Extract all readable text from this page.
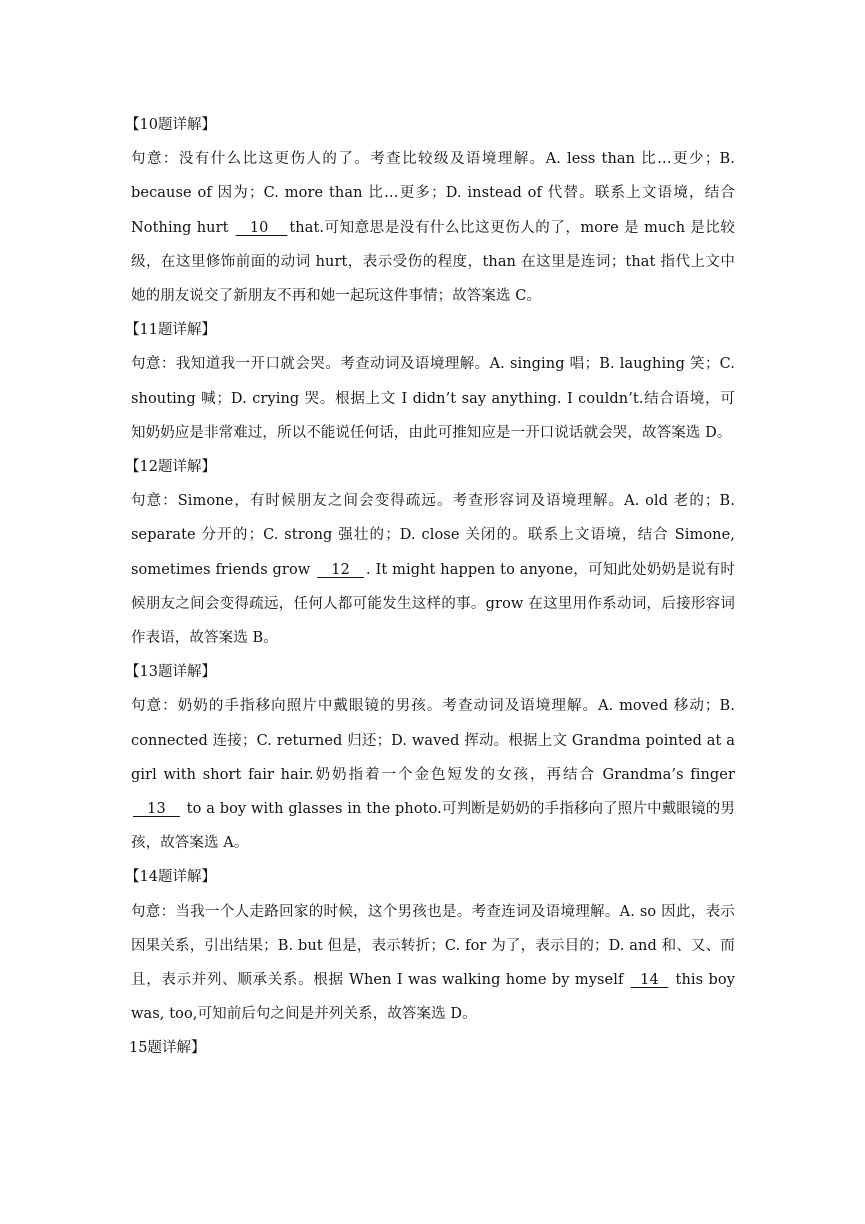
【10题详解】
句意：没有什么比这更伤人的了。考查比较级及语境理解。A. less than 比…更少；B. because of 因为；C. more than 比…更多；D. instead of 代替。联系上文语境，结合 Nothing hurt    10    that.可知意思是没有什么比这更伤人的了，more 是 much 是比较级，在这里修饰前面的动词 hurt，表示受伤的程度，than 在这里是连词；that 指代上文中她的朋友说交了新朋友不再和她一起玩这件事情；故答案选 C。
【11题详解】
句意：我知道我一开口就会哭。考查动词及语境理解。A. singing 唱；B. laughing 笑；C. shouting 喊；D. crying 哭。根据上文 I didn’t say anything. I couldn’t.结合语境，可知奶奶应是非常难过，所以不能说任何话，由此可推知应是一开口说话就会哭，故答案选 D。
【12题详解】
句意：Simone，有时候朋友之间会变得疏远。考查形容词及语境理解。A. old 老的；B. separate 分开的；C. strong 强壮的；D. close 关闭的。联系上文语境，结合 Simone, sometimes friends grow    12   . It might happen to anyone，可知此处奶奶是说有时候朋友之间会变得疏远，任何人都可能发生这样的事。grow 在这里用作系动词，后接形容词作表语，故答案选 B。
【13题详解】
句意：奶奶的手指移向照片中戴眼镜的男孩。考查动词及语境理解。A. moved 移动；B. connected 连接；C. returned 归还；D. waved 挥动。根据上文 Grandma pointed at a girl with short fair hair.奶奶指着一个金色短发的女孩，再结合 Grandma’s finger    13    to a boy with glasses in the photo.可判断是奶奶的手指移向了照片中戴眼镜的男孩，故答案选 A。
【14题详解】
句意：当我一个人走路回家的时候，这个男孩也是。考查连词及语境理解。A. so 因此，表示因果关系，引出结果；B. but 但是，表示转折；C. for 为了，表示目的；D. and 和、又、而且，表示并列、顺承关系。根据 When I was walking home by myself   14   this boy was, too,可知前后句之间是并列关系，故答案选 D。
15题详解】
